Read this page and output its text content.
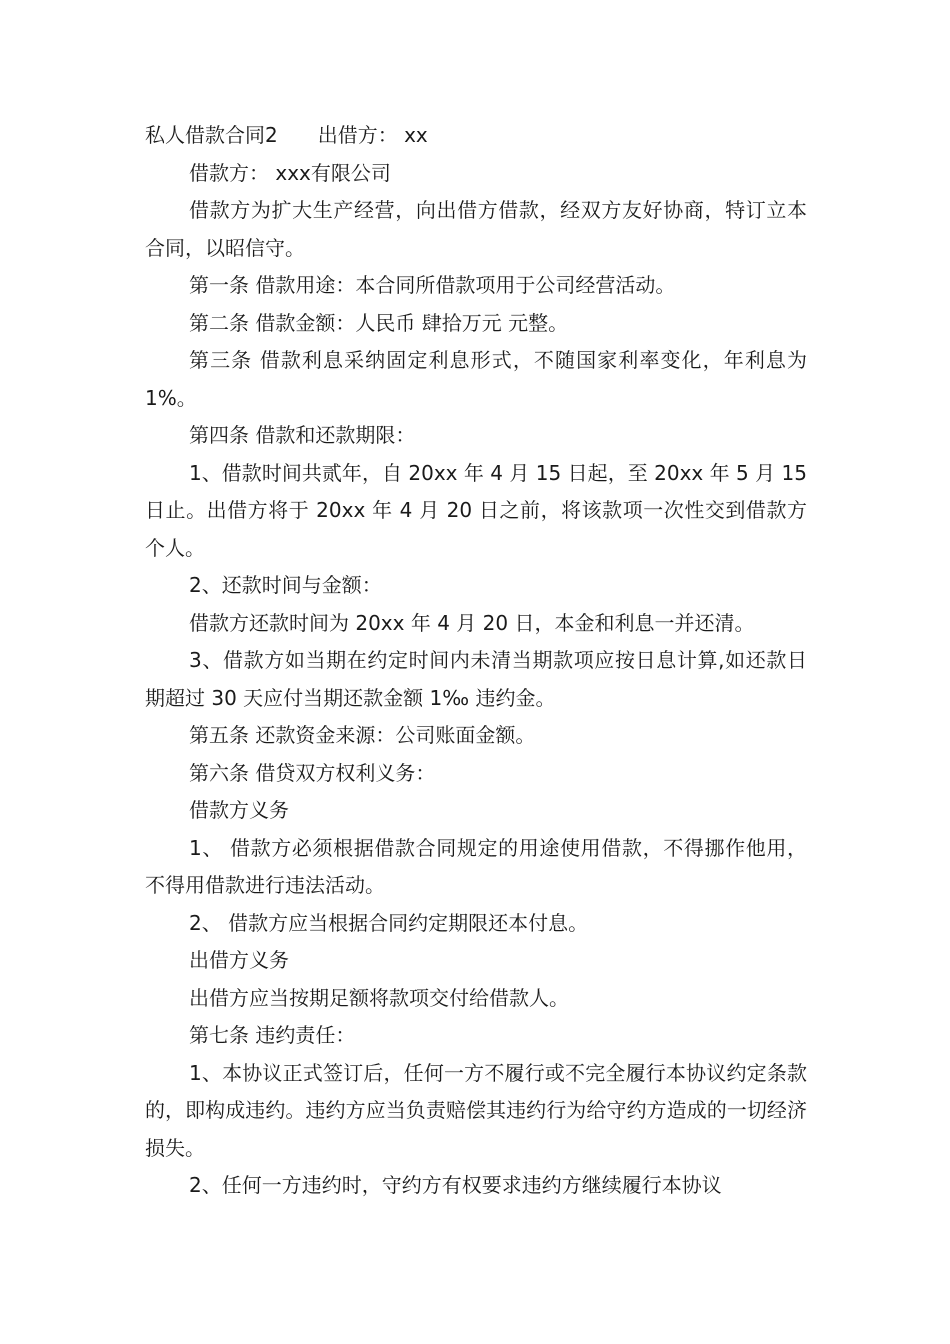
私人借款合同2 出借方： xx

借款方： xxx有限公司

借款方为扩大生产经营，向出借方借款，经双方友好协商，特订立本合同，以昭信守。

第一条 借款用途：本合同所借款项用于公司经营活动。

第二条 借款金额：人民币 肆拾万元 元整。

第三条 借款利息采纳固定利息形式，不随国家利率变化，年利息为 1%。

第四条 借款和还款期限：

1、借款时间共贰年，自 20xx 年 4 月 15 日起，至 20xx 年 5 月 15 日止。出借方将于 20xx 年 4 月 20 日之前，将该款项一次性交到借款方个人。

2、还款时间与金额：

借款方还款时间为 20xx 年 4 月 20 日，本金和利息一并还清。

3、借款方如当期在约定时间内未清当期款项应按日息计算,如还款日期超过 30 天应付当期还款金额 1‰ 违约金。

第五条 还款资金来源：公司账面金额。

第六条 借贷双方权利义务：

借款方义务

1、 借款方必须根据借款合同规定的用途使用借款，不得挪作他用，不得用借款进行违法活动。

2、 借款方应当根据合同约定期限还本付息。

出借方义务

出借方应当按期足额将款项交付给借款人。

第七条 违约责任：

1、本协议正式签订后，任何一方不履行或不完全履行本协议约定条款的，即构成违约。违约方应当负责赔偿其违约行为给守约方造成的一切经济损失。

2、任何一方违约时，守约方有权要求违约方继续履行本协议
